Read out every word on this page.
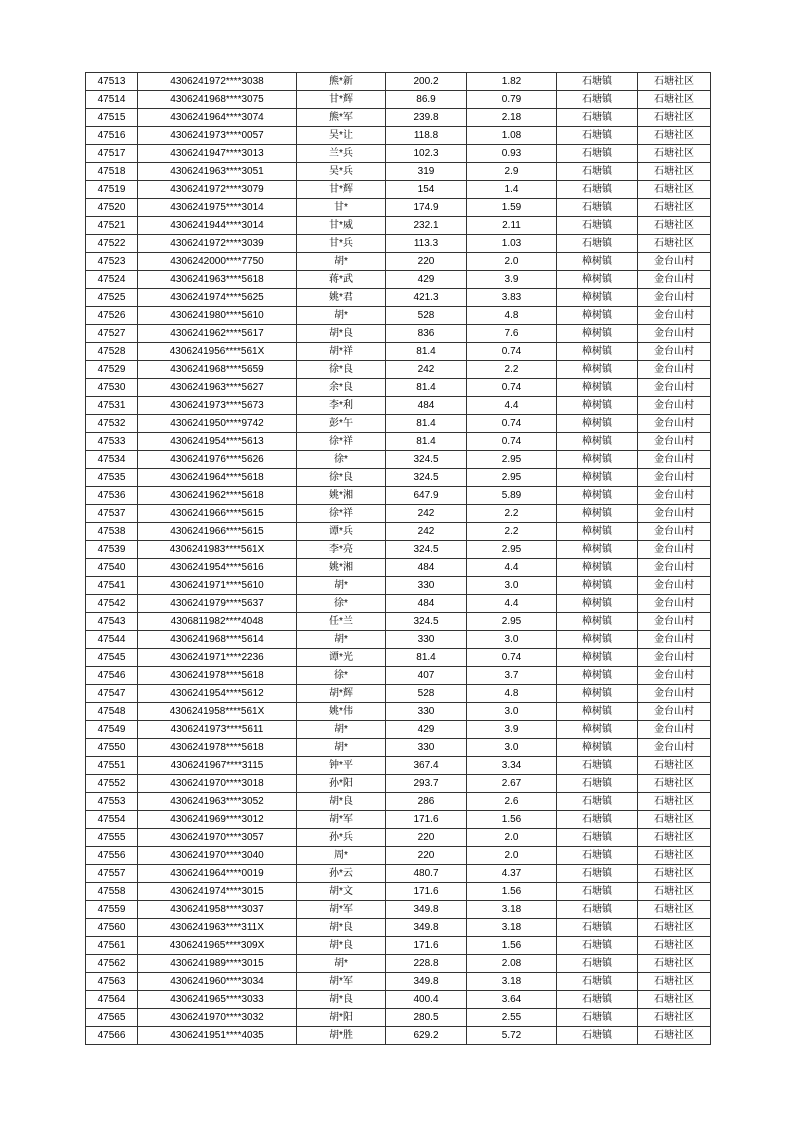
47513	4306241972****3038	熊*新	200.2	1.82	石塘镇	石塘社区
47514	4306241968****3075	甘*辉	86.9	0.79	石塘镇	石塘社区
47515	4306241964****3074	熊*军	239.8	2.18	石塘镇	石塘社区
47516	4306241973****0057	吴*让	118.8	1.08	石塘镇	石塘社区
47517	4306241947****3013	兰*兵	102.3	0.93	石塘镇	石塘社区
47518	4306241963****3051	吴*兵	319	2.9	石塘镇	石塘社区
47519	4306241972****3079	甘*辉	154	1.4	石塘镇	石塘社区
47520	4306241975****3014	甘*	174.9	1.59	石塘镇	石塘社区
47521	4306241944****3014	甘*威	232.1	2.11	石塘镇	石塘社区
47522	4306241972****3039	甘*兵	113.3	1.03	石塘镇	石塘社区
47523	4306242000****7750	胡*	220	2.0	樟树镇	金台山村
47524	4306241963****5618	蒋*武	429	3.9	樟树镇	金台山村
47525	4306241974****5625	姚*君	421.3	3.83	樟树镇	金台山村
47526	4306241980****5610	胡*	528	4.8	樟树镇	金台山村
47527	4306241962****5617	胡*良	836	7.6	樟树镇	金台山村
47528	4306241956****561X	胡*祥	81.4	0.74	樟树镇	金台山村
47529	4306241968****5659	徐*良	242	2.2	樟树镇	金台山村
47530	4306241963****5627	余*良	81.4	0.74	樟树镇	金台山村
47531	4306241973****5673	李*利	484	4.4	樟树镇	金台山村
47532	4306241950****9742	彭*午	81.4	0.74	樟树镇	金台山村
47533	4306241954****5613	徐*祥	81.4	0.74	樟树镇	金台山村
47534	4306241976****5626	徐*	324.5	2.95	樟树镇	金台山村
47535	4306241964****5618	徐*良	324.5	2.95	樟树镇	金台山村
47536	4306241962****5618	姚*湘	647.9	5.89	樟树镇	金台山村
47537	4306241966****5615	徐*祥	242	2.2	樟树镇	金台山村
47538	4306241966****5615	谭*兵	242	2.2	樟树镇	金台山村
47539	4306241983****561X	李*亮	324.5	2.95	樟树镇	金台山村
47540	4306241954****5616	姚*湘	484	4.4	樟树镇	金台山村
47541	4306241971****5610	胡*	330	3.0	樟树镇	金台山村
47542	4306241979****5637	徐*	484	4.4	樟树镇	金台山村
47543	4306811982****4048	任*兰	324.5	2.95	樟树镇	金台山村
47544	4306241968****5614	胡*	330	3.0	樟树镇	金台山村
47545	4306241971****2236	谭*光	81.4	0.74	樟树镇	金台山村
47546	4306241978****5618	徐*	407	3.7	樟树镇	金台山村
47547	4306241954****5612	胡*辉	528	4.8	樟树镇	金台山村
47548	4306241958****561X	姚*伟	330	3.0	樟树镇	金台山村
47549	4306241973****5611	胡*	429	3.9	樟树镇	金台山村
47550	4306241978****5618	胡*	330	3.0	樟树镇	金台山村
47551	4306241967****3115	钟*平	367.4	3.34	石塘镇	石塘社区
47552	4306241970****3018	孙*阳	293.7	2.67	石塘镇	石塘社区
47553	4306241963****3052	胡*良	286	2.6	石塘镇	石塘社区
47554	4306241969****3012	胡*军	171.6	1.56	石塘镇	石塘社区
47555	4306241970****3057	孙*兵	220	2.0	石塘镇	石塘社区
47556	4306241970****3040	周*	220	2.0	石塘镇	石塘社区
47557	4306241964****0019	孙*云	480.7	4.37	石塘镇	石塘社区
47558	4306241974****3015	胡*文	171.6	1.56	石塘镇	石塘社区
47559	4306241958****3037	胡*军	349.8	3.18	石塘镇	石塘社区
47560	4306241963****311X	胡*良	349.8	3.18	石塘镇	石塘社区
47561	4306241965****309X	胡*良	171.6	1.56	石塘镇	石塘社区
47562	4306241989****3015	胡*	228.8	2.08	石塘镇	石塘社区
47563	4306241960****3034	胡*军	349.8	3.18	石塘镇	石塘社区
47564	4306241965****3033	胡*良	400.4	3.64	石塘镇	石塘社区
47565	4306241970****3032	胡*阳	280.5	2.55	石塘镇	石塘社区
47566	4306241951****4035	胡*胜	629.2	5.72	石塘镇	石塘社区
